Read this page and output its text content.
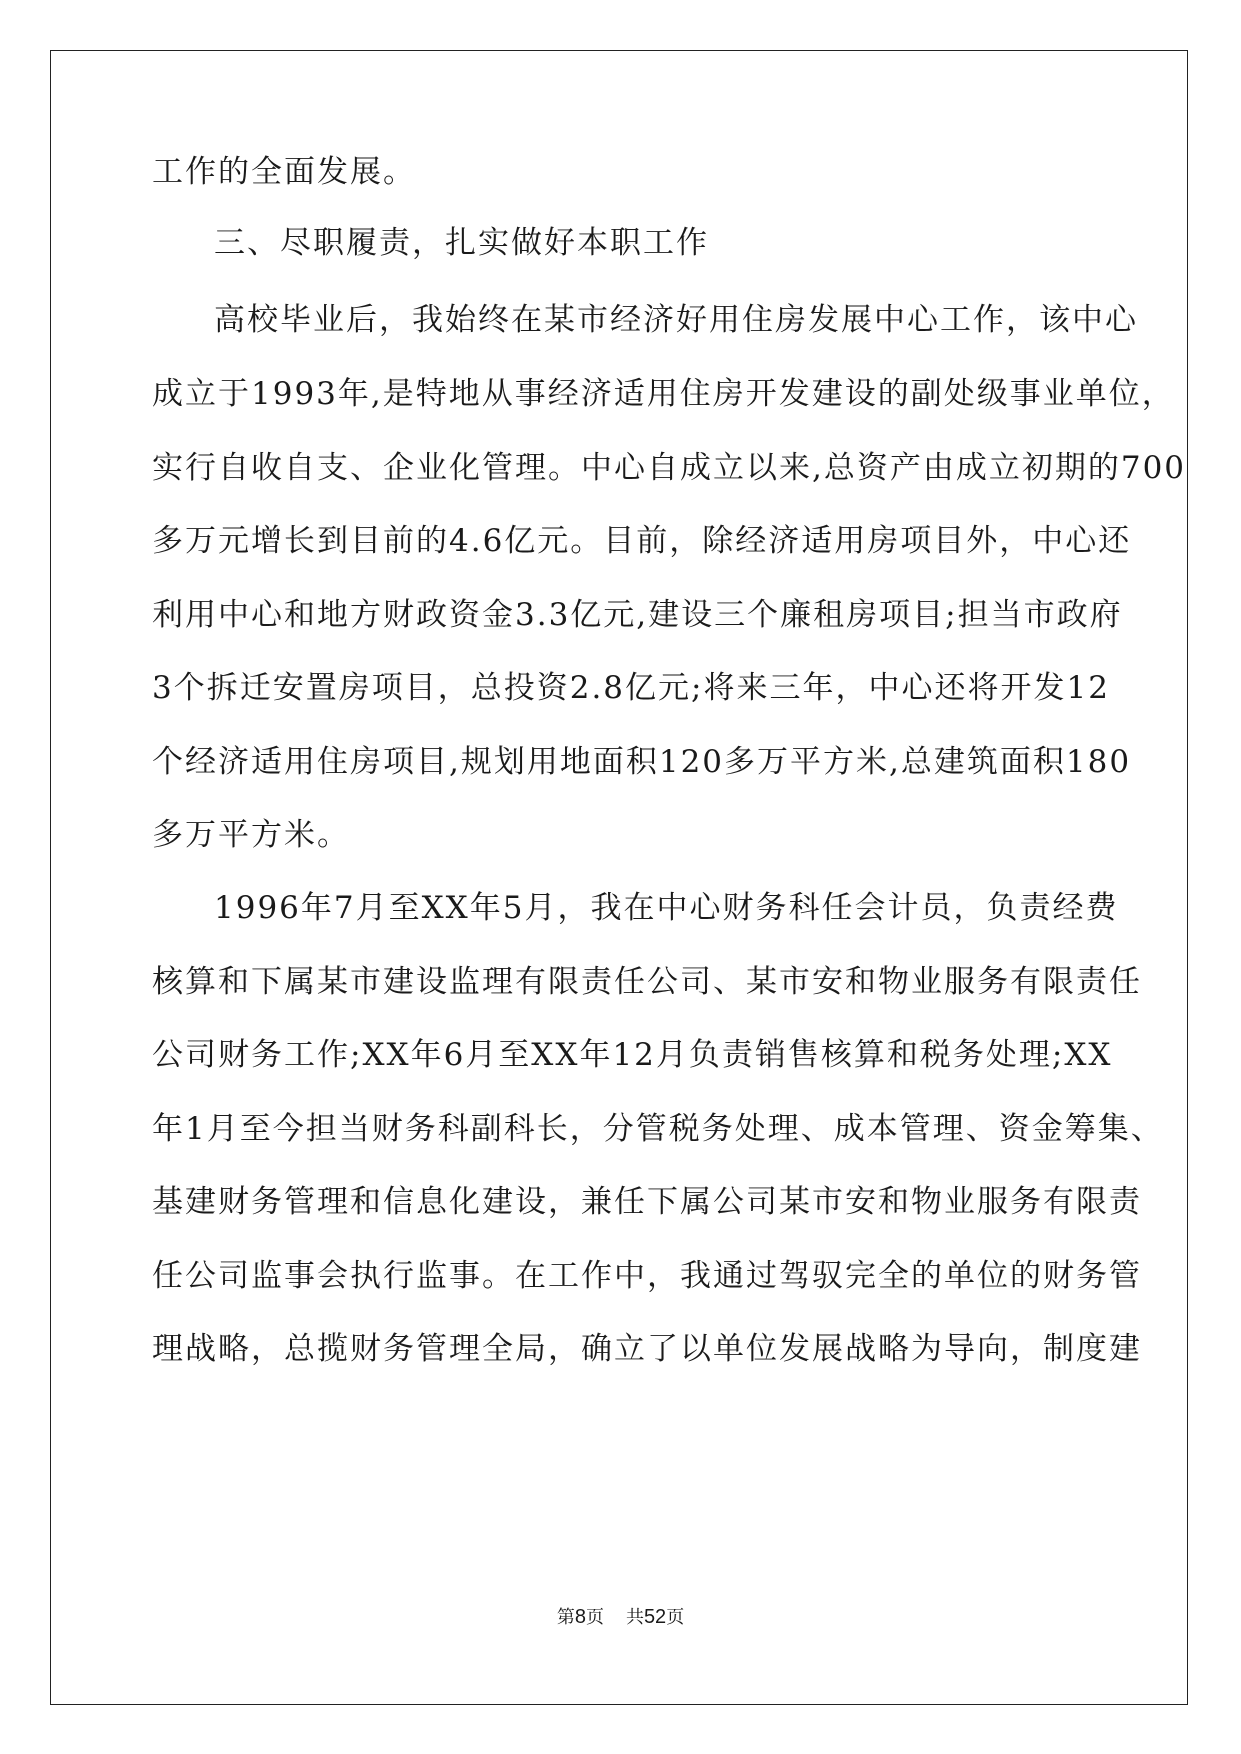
工作的全面发展。
三、尽职履责，扎实做好本职工作
高校毕业后，我始终在某市经济好用住房发展中心工作，该中心
成立于1993年,是特地从事经济适用住房开发建设的副处级事业单位，
实行自收自支、企业化管理。中心自成立以来,总资产由成立初期的700
多万元增长到目前的4.6亿元。目前，除经济适用房项目外，中心还
利用中心和地方财政资金3.3亿元,建设三个廉租房项目;担当市政府
3个拆迁安置房项目，总投资2.8亿元;将来三年，中心还将开发12
个经济适用住房项目,规划用地面积120多万平方米,总建筑面积180
多万平方米。
1996年7月至XX年5月，我在中心财务科任会计员，负责经费
核算和下属某市建设监理有限责任公司、某市安和物业服务有限责任
公司财务工作;XX年6月至XX年12月负责销售核算和税务处理;XX
年1月至今担当财务科副科长，分管税务处理、成本管理、资金筹集、
基建财务管理和信息化建设，兼任下属公司某市安和物业服务有限责
任公司监事会执行监事。在工作中，我通过驾驭完全的单位的财务管
理战略，总揽财务管理全局，确立了以单位发展战略为导向，制度建
第8页 共52页
